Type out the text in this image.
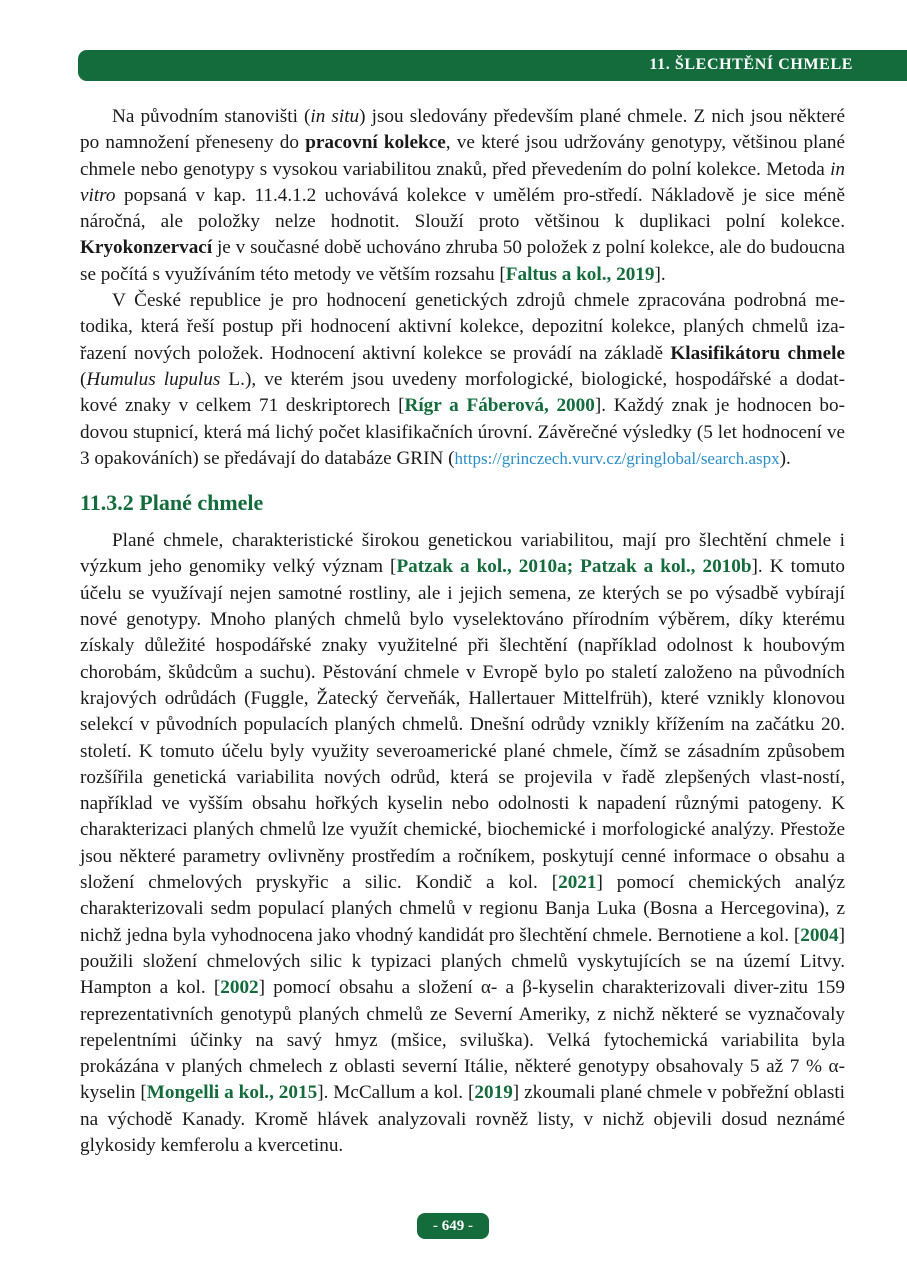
11. ŠLECHTĚNÍ CHMELE

Na původním stanovišti (in situ) jsou sledovány především plané chmele. Z nich jsou některé po namnožení přeneseny do pracovní kolekce, ve které jsou udržovány genotypy, většinou plané chmele nebo genotypy s vysokou variabilitou znaků, před převedením do polní kolekce. Metoda in vitro popsaná v kap. 11.4.1.2 uchovává kolekce v umělém pro-středí. Nákladově je sice méně náročná, ale položky nelze hodnotit. Slouží proto většinou k duplikaci polní kolekce. Kryokonzervací je v současné době uchováno zhruba 50 položek z polní kolekce, ale do budoucna se počítá s využíváním této metody ve větším rozsahu [Faltus a kol., 2019].

V České republice je pro hodnocení genetických zdrojů chmele zpracována podrobná me-todika, která řeší postup při hodnocení aktivní kolekce, depozitní kolekce, planých chmelů iza-řazení nových položek. Hodnocení aktivní kolekce se provádí na základě Klasifikátoru chmele (Humulus lupulus L.), ve kterém jsou uvedeny morfologické, biologické, hospodářské a dodat-kové znaky v celkem 71 deskriptorech [Rígr a Fáberová, 2000]. Každý znak je hodnocen bo-dovou stupnicí, která má lichý počet klasifikačních úrovní. Závěrečné výsledky (5 let hodnocení ve 3 opakováních) se předávají do databáze GRIN (https://grinczech.vurv.cz/gringlobal/search.aspx).

11.3.2 Plané chmele

Plané chmele, charakteristické širokou genetickou variabilitou, mají pro šlechtění chmele i výzkum jeho genomiky velký význam [Patzak a kol., 2010a; Patzak a kol., 2010b]. K tomuto účelu se využívají nejen samotné rostliny, ale i jejich semena, ze kterých se po výsadbě vybírají nové genotypy. Mnoho planých chmelů bylo vyselektováno přírodním výběrem, díky kterému získaly důležité hospodářské znaky využitelné při šlechtění (například odolnost k houbovým chorobám, škůdcům a suchu). Pěstování chmele v Evropě bylo po staletí založeno na původních krajových odrůdách (Fuggle, Žatecký červeňák, Hallertauer Mittelfrüh), které vznikly klonovou selekcí v původních populacích planých chmelů. Dnešní odrůdy vznikly křížením na začátku 20. století. K tomuto účelu byly využity severoamerické plané chmele, čímž se zásadním způsobem rozšířila genetická variabilita nových odrůd, která se projevila v řadě zlepšených vlast-ností, například ve vyšším obsahu hořkých kyselin nebo odolnosti k napadení různými patogeny. K charakterizaci planých chmelů lze využít chemické, biochemické i morfologické analýzy. Přestože jsou některé parametry ovlivněny prostředím a ročníkem, poskytují cenné informace o obsahu a složení chmelových pryskyřic a silic. Kondič a kol. [2021] pomocí chemických analýz charakterizovali sedm populací planých chmelů v regionu Banja Luka (Bosna a Hercegovina), z nichž jedna byla vyhodnocena jako vhodný kandidát pro šlechtění chmele. Bernotiene a kol. [2004] použili složení chmelových silic k typizaci planých chmelů vyskytujících se na území Litvy. Hampton a kol. [2002] pomocí obsahu a složení α- a β-kyselin charakterizovali diver-zitu 159 reprezentativních genotypů planých chmelů ze Severní Ameriky, z nichž některé se vyznačovaly repelentními účinky na savý hmyz (mšice, sviluška). Velká fytochemická variabilita byla prokázána v planých chmelech z oblasti severní Itálie, některé genotypy obsahovaly 5 až 7 % α-kyselin [Mongelli a kol., 2015]. McCallum a kol. [2019] zkoumali plané chmele v pobřežní oblasti na východě Kanady. Kromě hlávek analyzovali rovněž listy, v nichž objevili dosud neznámé glykosidy kemferolu a kvercetinu.

- 649 -
